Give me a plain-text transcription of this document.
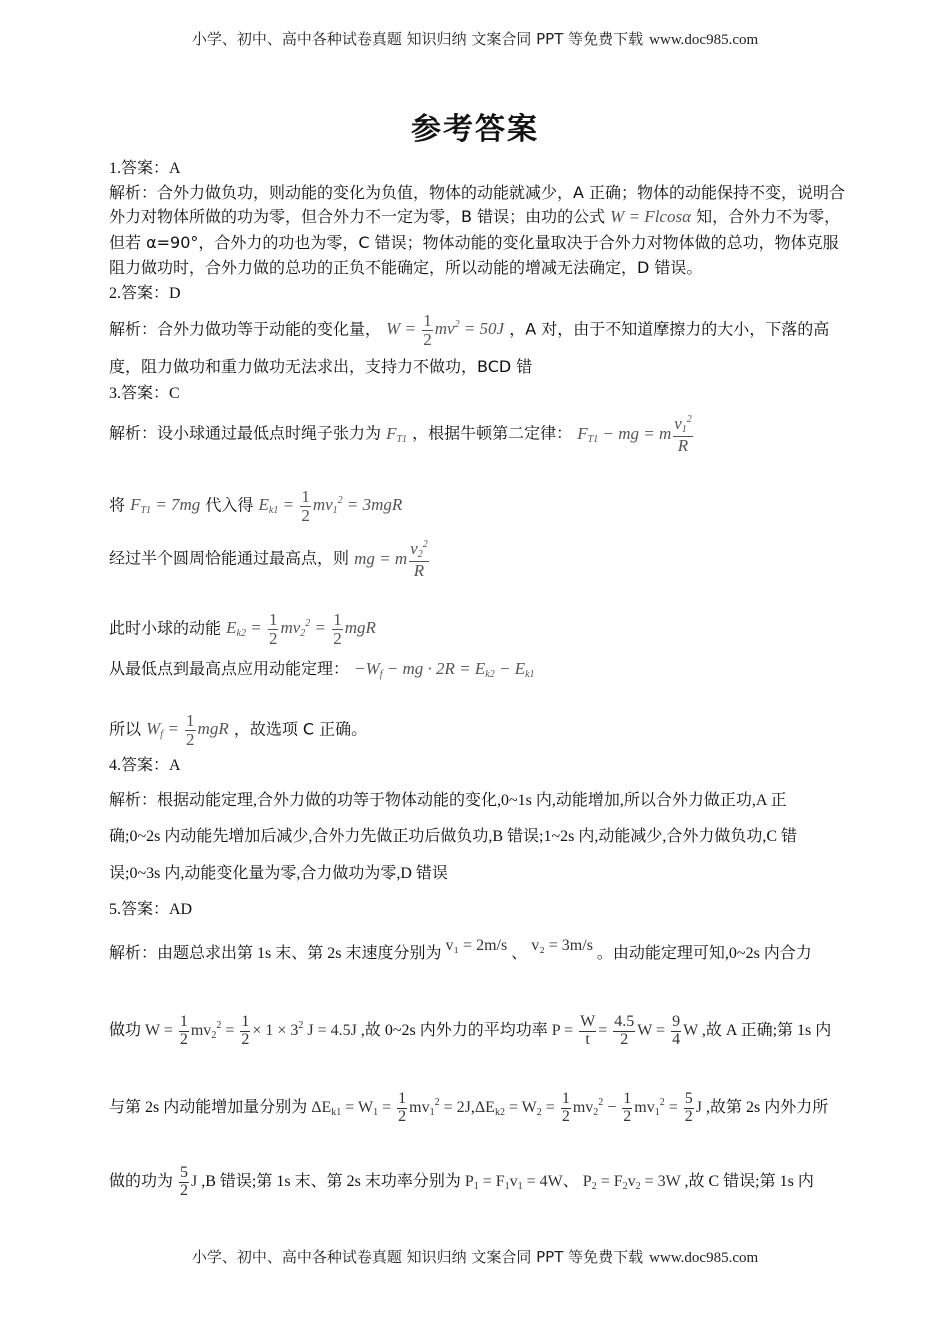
小学、初中、高中各种试卷真题 知识归纳 文案合同 PPT 等免费下载 www.doc985.com
参考答案
1.答案：A
解析：合外力做负功，则动能的变化为负值，物体的动能就减少，A 正确；物体的动能保持不变，说明合
外力对物体所做的功为零，但合外力不一定为零，B 错误；由功的公式 W = Flcosα 知，合外力不为零，
但若 α=90°，合外力的功也为零，C 错误；物体动能的变化量取决于合外力对物体做的总功，物体克服
阻力做功时，合外力做的总功的正负不能确定，所以动能的增减无法确定，D 错误。
2.答案：D
解析：合外力做功等于动能的变化量， $W = \frac{1}{2} mv^2 = 50J$ ，A 对，由于不知道摩擦力的大小，下落的高
度，阻力做功和重力做功无法求出，支持力不做功，BCD 错
3.答案：C
解析：设小球通过最低点时绳子张力为 $F_{T1}$ ，根据牛顿第二定律： $F_{T1}$ − mg = m $\frac{v_1^2}{R}$
将 $F_{T1} = 7mg$ 代入得 $E_{k1} = \frac{1}{2} mv_1^2 = 3mgR$
经过半个圆周恰能通过最高点，则 mg = m $\frac{v_2^2}{R}$
此时小球的动能 $E_{k2} = \frac{1}{2} mv_2^2 = \frac{1}{2}$ mgR
从最低点到最高点应用动能定理： $-W_f$ − mg · $2R = E_{k2} - E_{k1}$
所以 $W_f = \frac{1}{2}$ mgR ，故选项 C 正确。
4.答案：A
解析：根据动能定理,合外力做的功等于物体动能的变化,0~1s 内,动能增加,所以合外力做正功,A 正
确;0~2s 内动能先增加后减少,合外力先做正功后做负功,B 错误;1~2s 内,动能减少,合外力做负功,C 错
误;0~3s 内,动能变化量为零,合力做功为零,D 错误
5.答案：AD
解析：由题总求出第 1s 末、第 2s 末速度分别为 v₁ = 2m/s 、 v₂ = 3m/s 。由动能定理可知,0~2s 内合力
做功 $W = \frac{1}{2} mv_2^2 = \frac{1}{2} \times 1 \times 3^2$ J = 4.5J ,故 0~2s 内外力的平均功率 $P = \frac{W}{t} = \frac{4.5}{2}$ $W = \frac{9}{4}$ W ,故 A 正确;第 1s 内
与第 2s 内动能增加量分别为 $\Delta E_{k1} = W_1 = \frac{1}{2} mv_1^2 = 2J,\Delta E_{k2} = W_2 = \frac{1}{2} mv_2^2 - \frac{1}{2} mv_1^2 = \frac{5}{2}$ J ,故第 2s 内外力所
做的功为 $\frac{5}{2}$ J ,B 错误;第 1s 末、第 2s 末功率分别为 $P_1 = F_1v_1 = 4W$、 $P_2 = F_2v_2 = 3W$ ,故 C 错误;第 1s 内
小学、初中、高中各种试卷真题 知识归纳 文案合同 PPT 等免费下载 www.doc985.com
